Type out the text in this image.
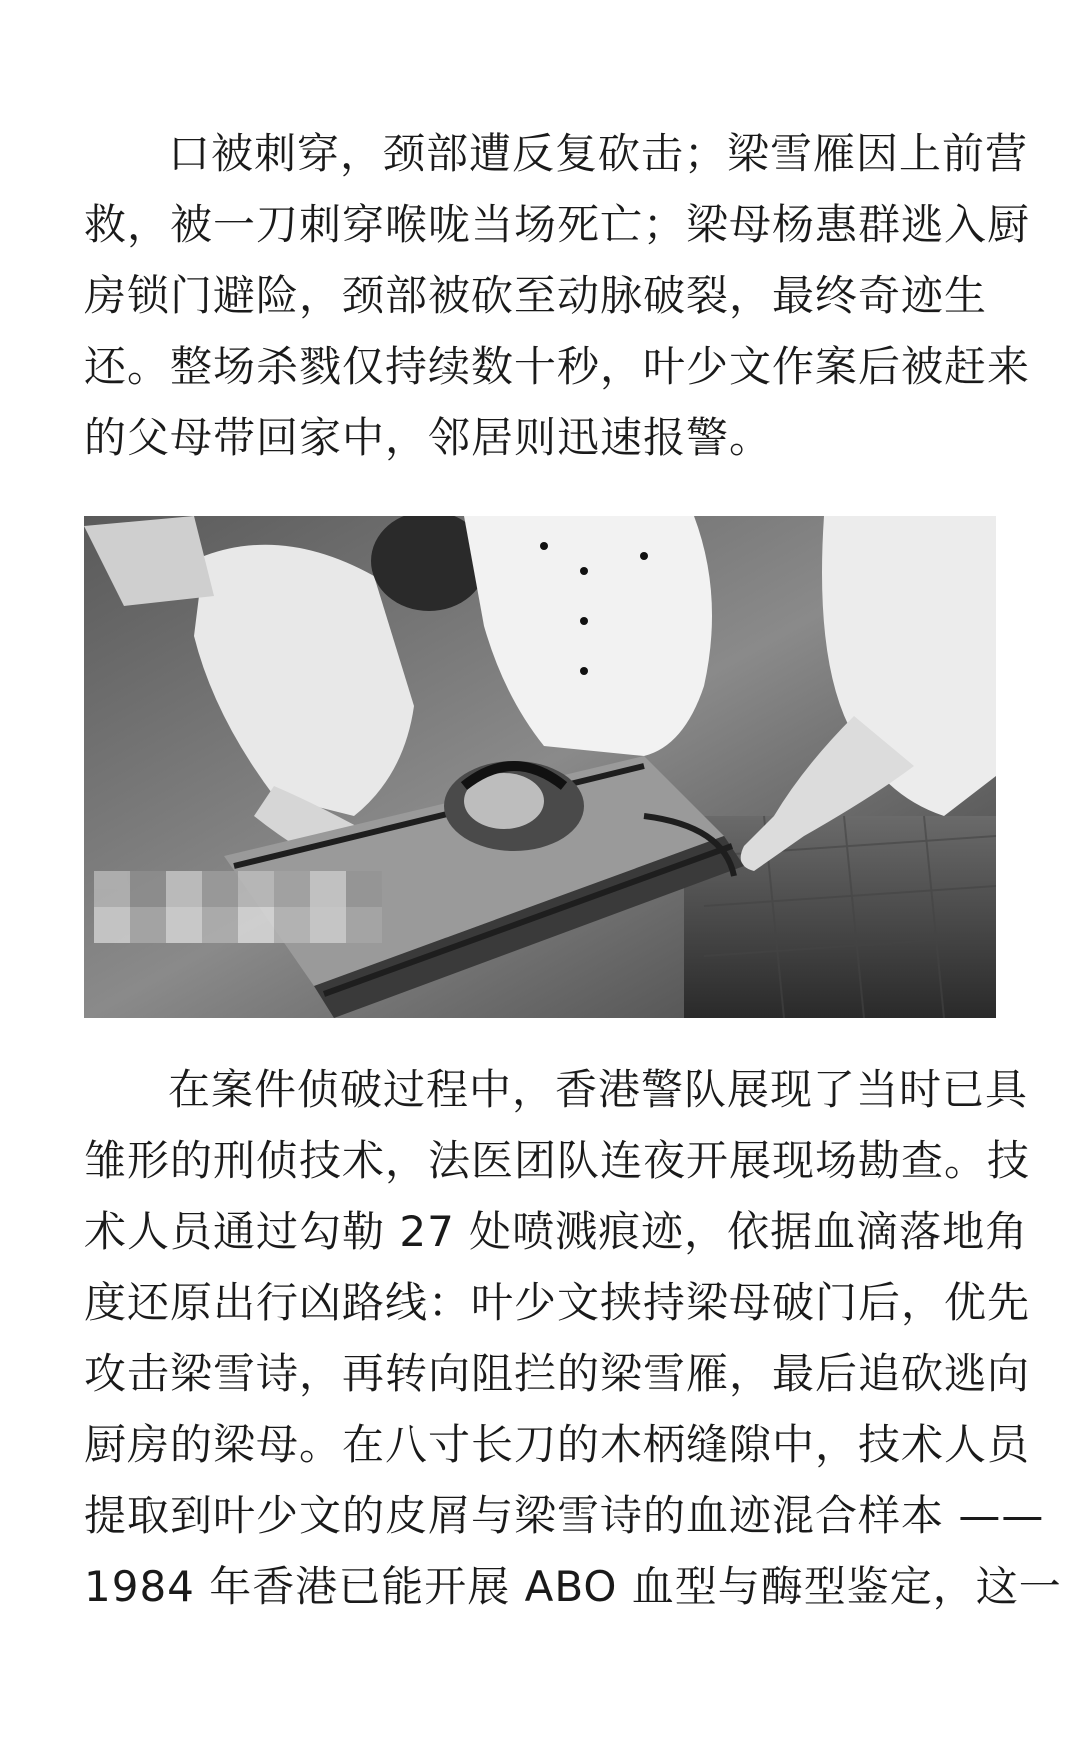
口被刺穿，颈部遭反复砍击；梁雪雁因上前营
救，被一刀刺穿喉咙当场死亡；梁母杨惠群逃入厨
房锁门避险，颈部被砍至动脉破裂，最终奇迹生
还。整场杀戮仅持续数十秒，叶少文作案后被赶来
的父母带回家中，邻居则迅速报警。

在案件侦破过程中，香港警队展现了当时已具
雏形的刑侦技术，法医团队连夜开展现场勘查。技
术人员通过勾勒 27 处喷溅痕迹，依据血滴落地角
度还原出行凶路线：叶少文挟持梁母破门后，优先
攻击梁雪诗，再转向阻拦的梁雪雁，最后追砍逃向
厨房的梁母。在八寸长刀的木柄缝隙中，技术人员
提取到叶少文的皮屑与梁雪诗的血迹混合样本 ——
1984 年香港已能开展 ABO 血型与酶型鉴定，这一
